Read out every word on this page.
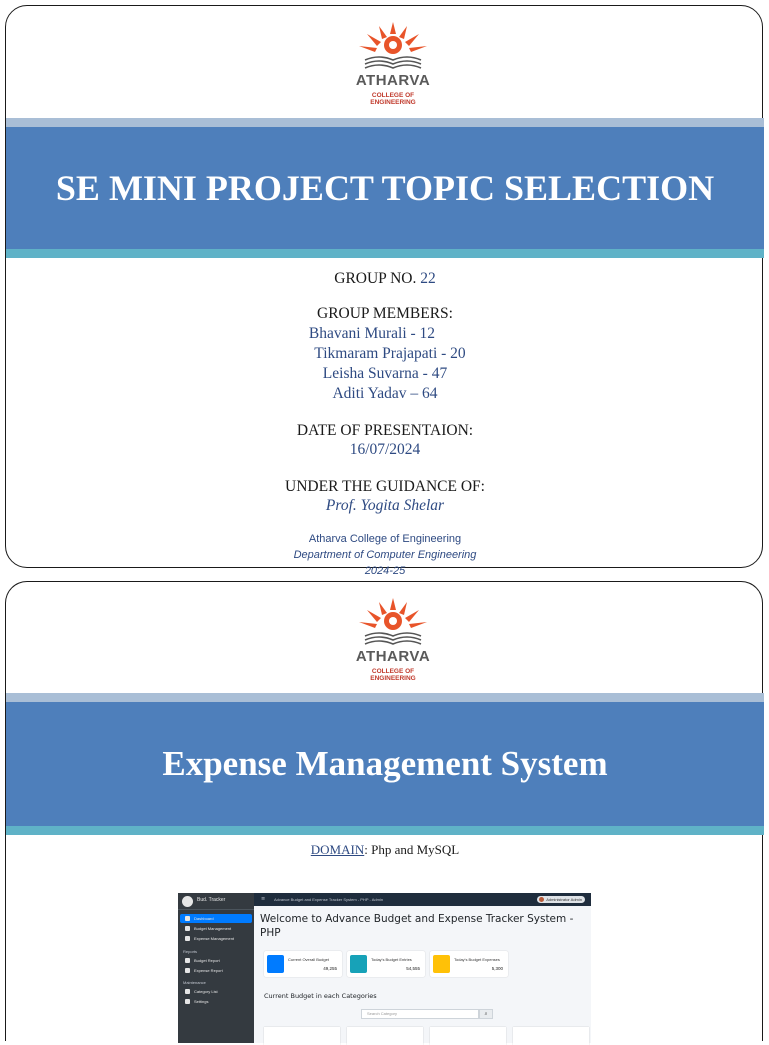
ATHARVA
COLLEGE OF ENGINEERING
SE MINI PROJECT TOPIC SELECTION
GROUP NO. 22
GROUP MEMBERS:
Bhavani Murali - 12
Tikmaram Prajapati - 20
Leisha Suvarna - 47
Aditi Yadav – 64
DATE OF PRESENTAION:
16/07/2024
UNDER THE GUIDANCE OF:
Prof. Yogita Shelar
Atharva College of Engineering
Department of Computer Engineering
2024-25
ATHARVA
COLLEGE OF ENGINEERING
Expense Management System
DOMAIN: Php and MySQL
Bud. Tracker
Dashboard
Budget Management
Expense Management
Reports
Budget Report
Expense Report
Maintenance
Category List
Settings
≡ Advance Budget and Expense Tracker System - PHP - Admin	Administrator Admin
Welcome to Advance Budget and Expense Tracker System - PHP
Current Overall Budget
49,255
Today's Budget Entries
54,555
Today's Budget Expenses
5,300
Current Budget in each Categories
Search Category	⌕
